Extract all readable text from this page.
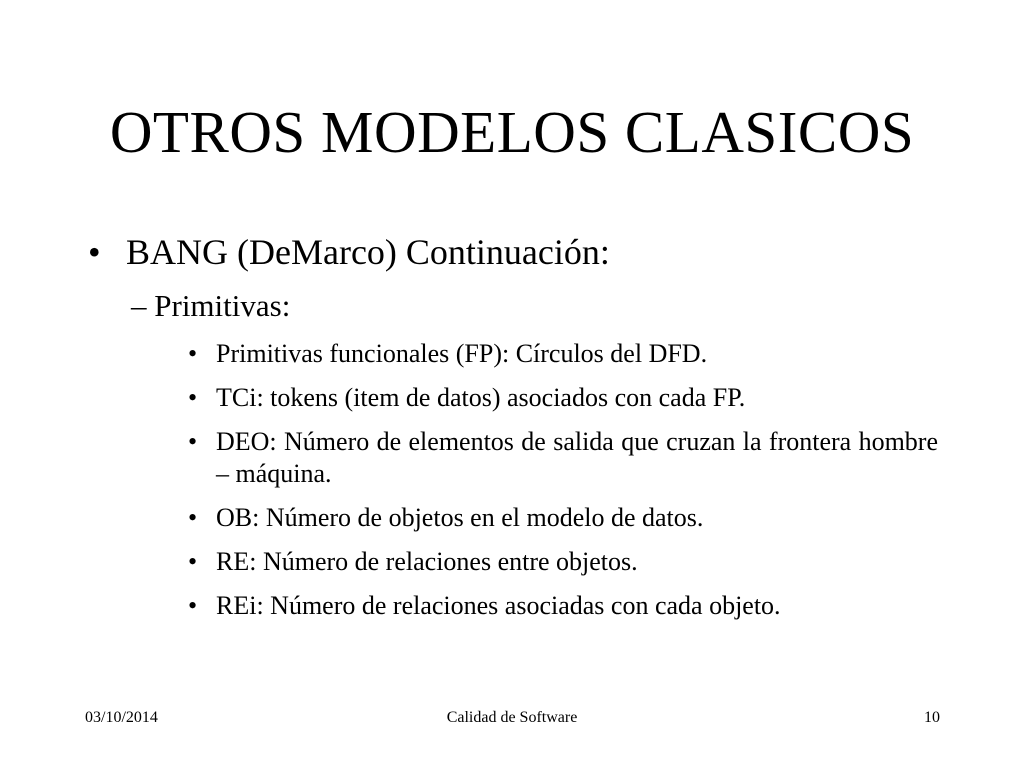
OTROS MODELOS CLASICOS
• BANG (DeMarco) Continuación:
– Primitivas:
• Primitivas funcionales (FP): Círculos del DFD.
• TCi: tokens (item de datos) asociados con cada FP.
• DEO: Número de elementos de salida que cruzan la frontera hombre – máquina.
• OB: Número de objetos en el modelo de datos.
• RE: Número de relaciones entre objetos.
• REi: Número de relaciones asociadas con cada objeto.
03/10/2014	Calidad de Software	10
